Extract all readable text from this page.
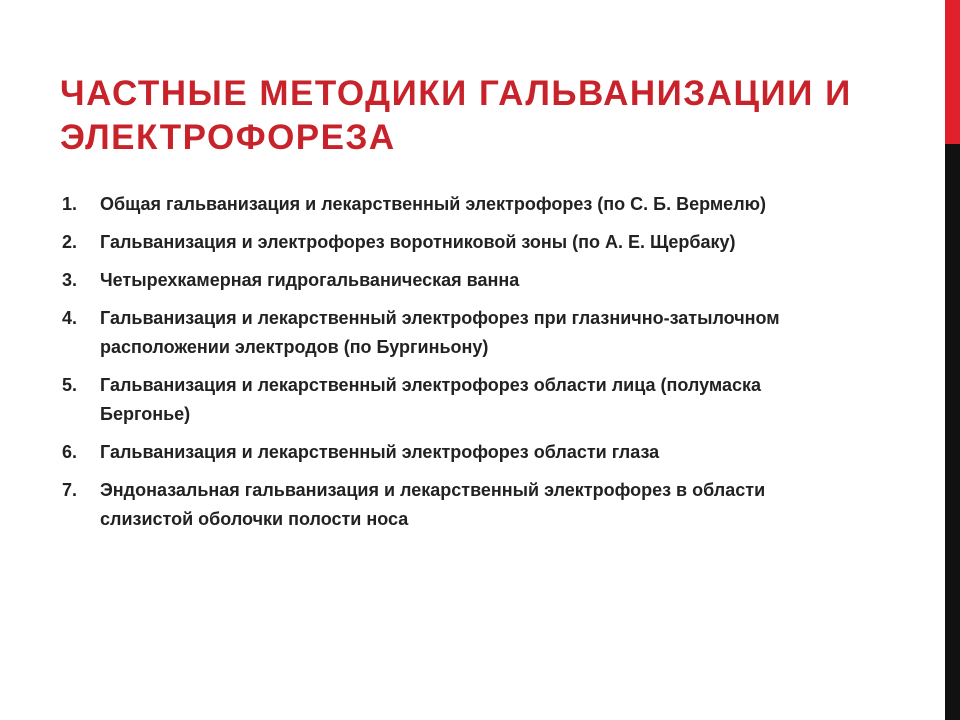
ЧАСТНЫЕ МЕТОДИКИ ГАЛЬВАНИЗАЦИИ И ЭЛЕКТРОФОРЕЗА
1.	Общая гальванизация и лекарственный электрофорез (по С. Б. Вермелю)
2.	Гальванизация и электрофорез воротниковой зоны (по А. Е. Щербаку)
3.	Четырехкамерная гидрогальваническая ванна
4.	Гальванизация и лекарственный электрофорез при глазнично-затылочном расположении электродов (по Бургиньону)
5.	Гальванизация и лекарственный электрофорез области лица (полумаска Бергонье)
6.	Гальванизация и лекарственный электрофорез области глаза
7.	Эндоназальная гальванизация и лекарственный электрофорез в области слизистой оболочки полости носа
